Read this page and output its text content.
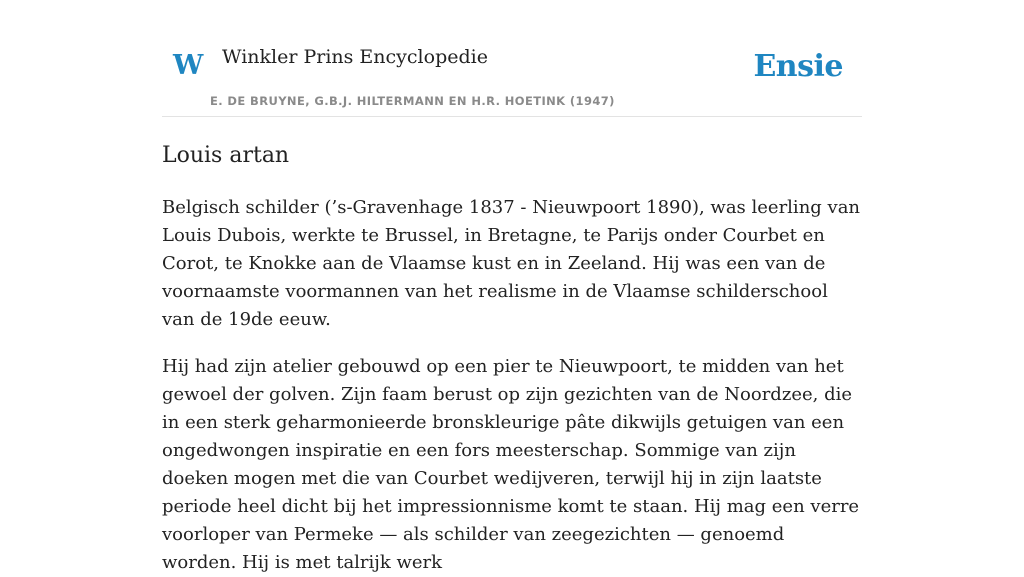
W Winkler Prins Encyclopedie
E. DE BRUYNE, G.B.J. HILTERMANN EN H.R. HOETINK (1947)
Ensie
Louis artan

Belgisch schilder (’s-Gravenhage 1837 - Nieuwpoort 1890), was leerling van Louis Dubois, werkte te Brussel, in Bretagne, te Parijs onder Courbet en Corot, te Knokke aan de Vlaamse kust en in Zeeland. Hij was een van de voornaamste voormannen van het realisme in de Vlaamse schilderschool van de 19de eeuw.

Hij had zijn atelier gebouwd op een pier te Nieuwpoort, te midden van het gewoel der golven. Zijn faam berust op zijn gezichten van de Noordzee, die in een sterk geharmonieerde bronskleurige pâte dikwijls getuigen van een ongedwongen inspiratie en een fors meesterschap. Sommige van zijn doeken mogen met die van Courbet wedijveren, terwijl hij in zijn laatste periode heel dicht bij het impressionnisme komt te staan. Hij mag een verre voorloper van Permeke — als schilder van zeegezichten — genoemd worden. Hij is met talrijk werk
